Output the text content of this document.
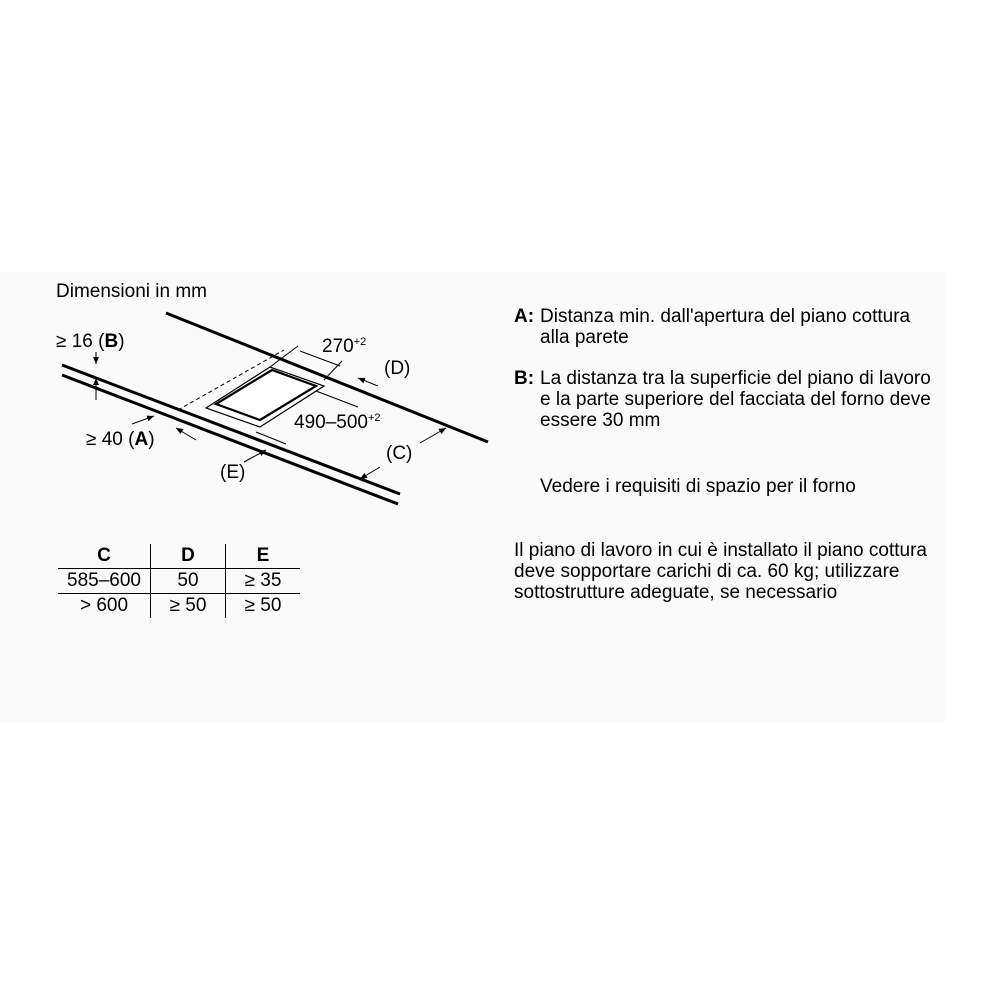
Dimensioni in mm
≥ 16 (B)
≥ 40 (A)
$270^{+2}$
(D)
$490-500^{+2}$
(C)
(E)
C	D	E
585–600	50	≥ 35
> 600	≥ 50	≥ 50
A: Distanza min. dall'apertura del piano cottura alla parete
B: La distanza tra la superficie del piano di lavoro e la parte superiore del facciata del forno deve essere 30 mm
Vedere i requisiti di spazio per il forno
Il piano di lavoro in cui è installato il piano cottura deve sopportare carichi di ca. 60 kg; utilizzare sottostrutture adeguate, se necessario
